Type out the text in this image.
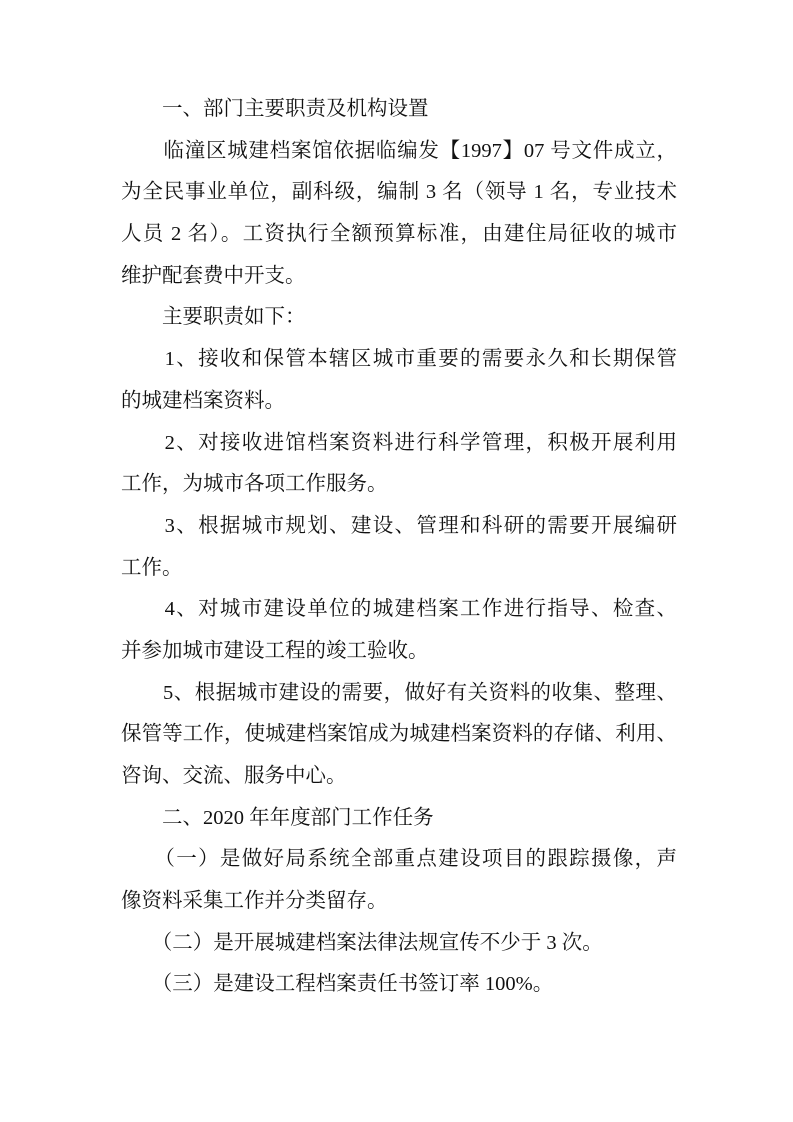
　　一、部门主要职责及机构设置
　　临潼区城建档案馆依据临编发【1997】07 号文件成立，
为全民事业单位，副科级，编制 3 名（领导 1 名，专业技术
人员 2 名）。工资执行全额预算标准，由建住局征收的城市
维护配套费中开支。
　　主要职责如下：
　　1、接收和保管本辖区城市重要的需要永久和长期保管
的城建档案资料。
　　2、对接收进馆档案资料进行科学管理，积极开展利用
工作，为城市各项工作服务。
　　3、根据城市规划、建设、管理和科研的需要开展编研
工作。
　　4、对城市建设单位的城建档案工作进行指导、检查、
并参加城市建设工程的竣工验收。
　　5、根据城市建设的需要，做好有关资料的收集、整理、
保管等工作，使城建档案馆成为城建档案资料的存储、利用、
咨询、交流、服务中心。
　　二、2020 年年度部门工作任务
　　（一）是做好局系统全部重点建设项目的跟踪摄像，声
像资料采集工作并分类留存。
　　（二）是开展城建档案法律法规宣传不少于 3 次。
　　（三）是建设工程档案责任书签订率 100%。
